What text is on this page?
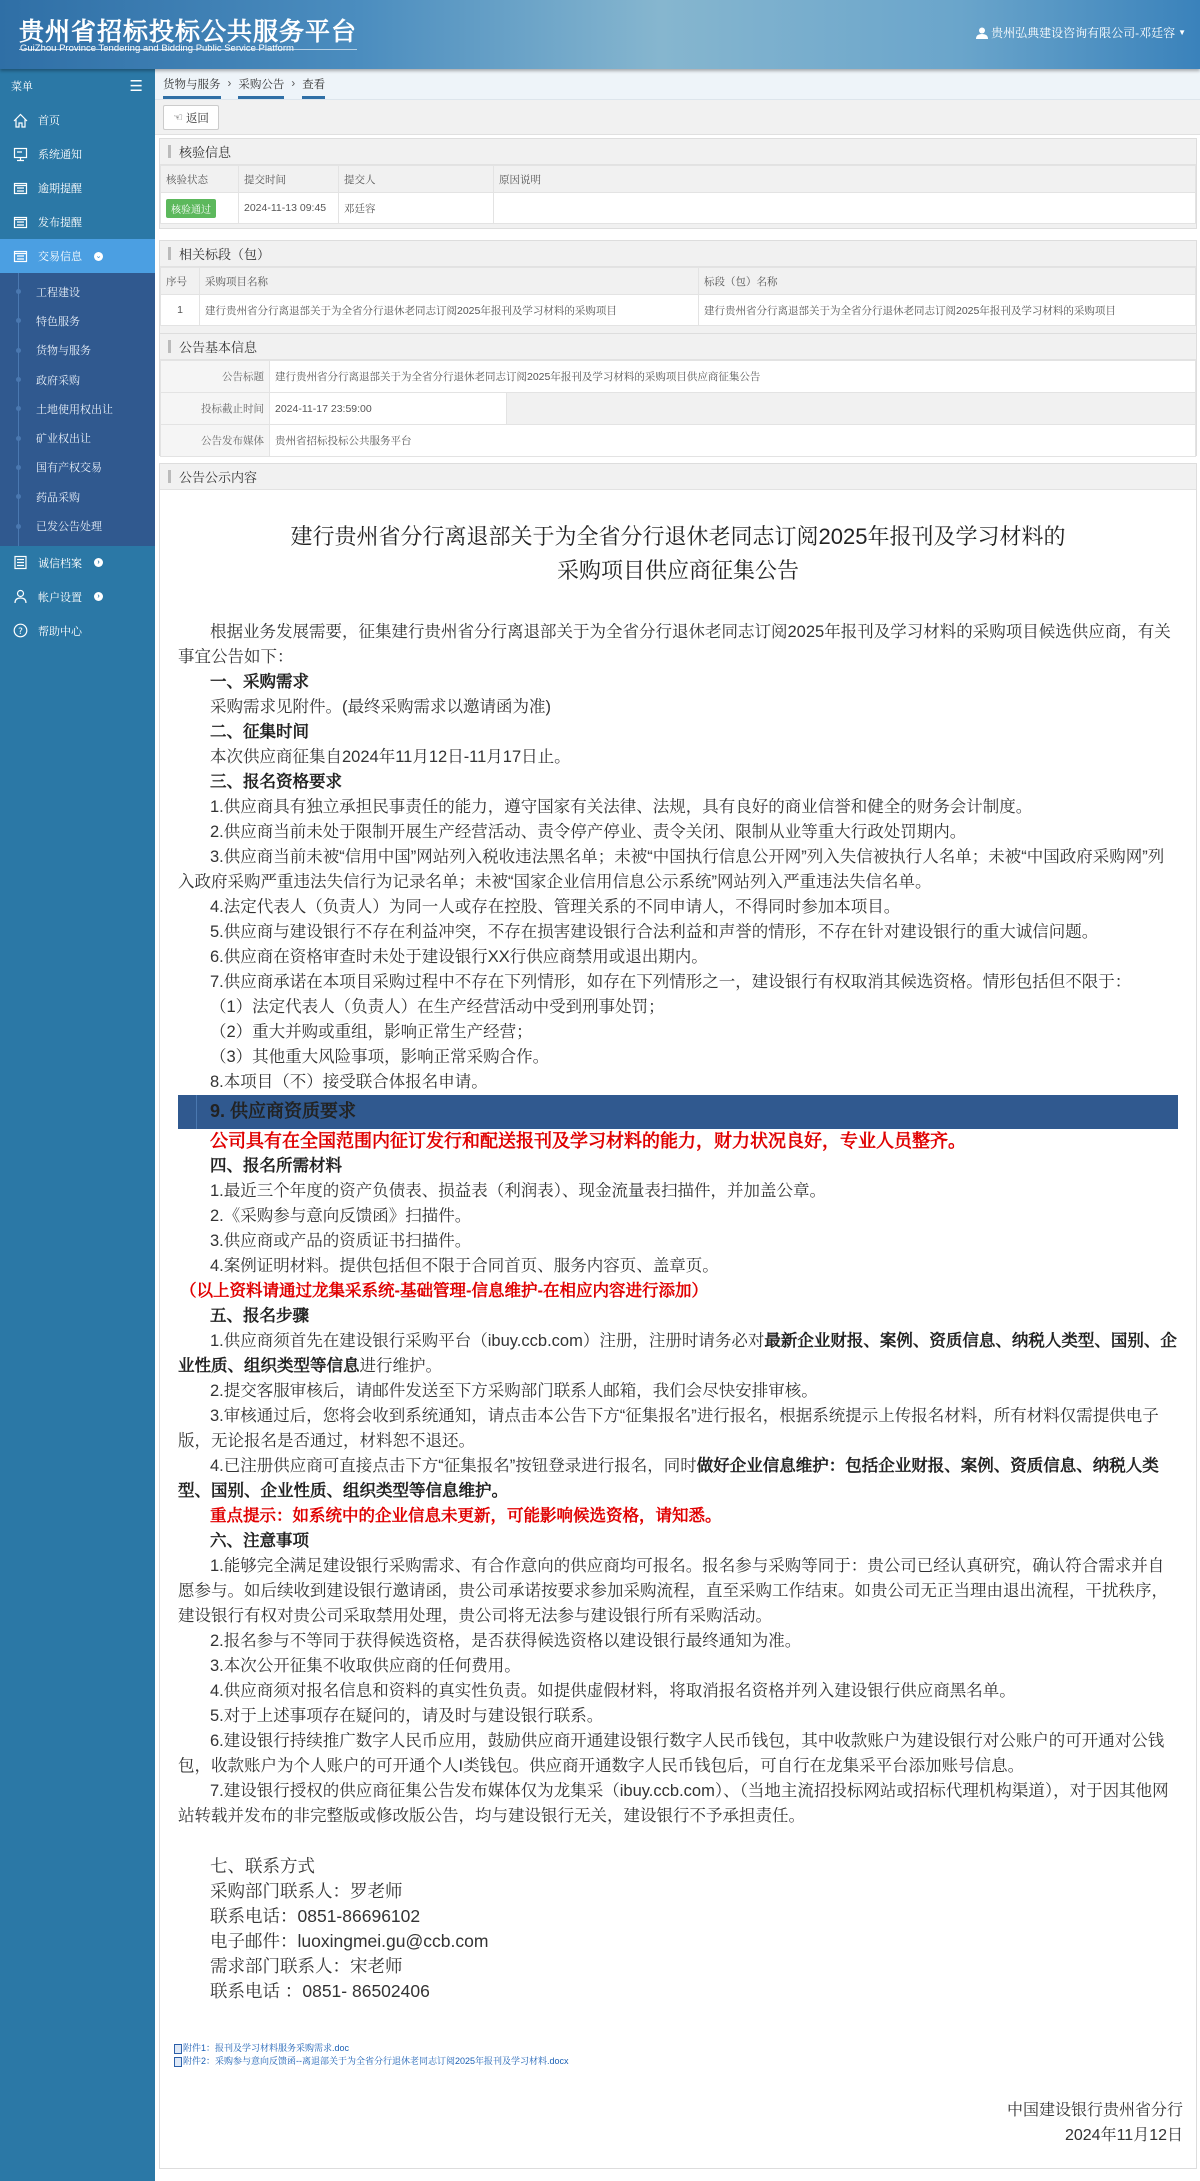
贵州省招标投标公共服务平台
GuiZhou Province Tendering and Bidding Public Service Platform
贵州弘典建设咨询有限公司-邓廷容 ▼
菜单	☰
首页
系统通知
逾期提醒
发布提醒
交易信息 ⌄
工程建设
特色服务
货物与服务
政府采购
土地使用权出让
矿业权出让
国有产权交易
药品采购
已发公告处理
诚信档案	›
帐户设置	›
? 帮助中心
货物与服务 › 采购公告 › 查看
☜ 返回
核验信息
核验状态	提交时间	提交人	原因说明
核验通过	2024-11-13 09:45	邓廷容	
相关标段（包）
序号	采购项目名称	标段（包）名称
1	建行贵州省分行离退部关于为全省分行退休老同志订阅2025年报刊及学习材料的采购项目	建行贵州省分行离退部关于为全省分行退休老同志订阅2025年报刊及学习材料的采购项目
公告基本信息
公告标题	建行贵州省分行离退部关于为全省分行退休老同志订阅2025年报刊及学习材料的采购项目供应商征集公告	
投标截止时间	2024-11-17 23:59:00	
公告发布媒体	贵州省招标投标公共服务平台	
公告公示内容
建行贵州省分行离退部关于为全省分行退休老同志订阅2025年报刊及学习材料的
采购项目供应商征集公告

根据业务发展需要，征集建行贵州省分行离退部关于为全省分行退休老同志订阅2025年报刊及学习材料的采购项目候选供应商，有关事宜公告如下：

一、采购需求

采购需求见附件。(最终采购需求以邀请函为准)

二、征集时间

本次供应商征集自2024年11月12日-11月17日止。

三、报名资格要求

1.供应商具有独立承担民事责任的能力，遵守国家有关法律、法规，具有良好的商业信誉和健全的财务会计制度。

2.供应商当前未处于限制开展生产经营活动、责令停产停业、责令关闭、限制从业等重大行政处罚期内。

3.供应商当前未被“信用中国”网站列入税收违法黑名单；未被“中国执行信息公开网”列入失信被执行人名单；未被“中国政府采购网”列入政府采购严重违法失信行为记录名单；未被“国家企业信用信息公示系统”网站列入严重违法失信名单。

4.法定代表人（负责人）为同一人或存在控股、管理关系的不同申请人，不得同时参加本项目。

5.供应商与建设银行不存在利益冲突，不存在损害建设银行合法利益和声誉的情形，不存在针对建设银行的重大诚信问题。

6.供应商在资格审查时未处于建设银行XX行供应商禁用或退出期内。

7.供应商承诺在本项目采购过程中不存在下列情形，如存在下列情形之一，建设银行有权取消其候选资格。情形包括但不限于：

（1）法定代表人（负责人）在生产经营活动中受到刑事处罚；

（2）重大并购或重组，影响正常生产经营；

（3）其他重大风险事项，影响正常采购合作。

8.本项目（不）接受联合体报名申请。

9. 供应商资质要求

公司具有在全国范围内征订发行和配送报刊及学习材料的能力，财力状况良好，专业人员整齐。

四、报名所需材料

1.最近三个年度的资产负债表、损益表（利润表）、现金流量表扫描件，并加盖公章。

2.《采购参与意向反馈函》扫描件。

3.供应商或产品的资质证书扫描件。

4.案例证明材料。提供包括但不限于合同首页、服务内容页、盖章页。

（以上资料请通过龙集采系统-基础管理-信息维护-在相应内容进行添加）

五、报名步骤

1.供应商须首先在建设银行采购平台（ibuy.ccb.com）注册，注册时请务必对最新企业财报、案例、资质信息、纳税人类型、国别、企业性质、组织类型等信息进行维护。

2.提交客服审核后，请邮件发送至下方采购部门联系人邮箱，我们会尽快安排审核。

3.审核通过后，您将会收到系统通知，请点击本公告下方“征集报名”进行报名，根据系统提示上传报名材料，所有材料仅需提供电子版，无论报名是否通过，材料恕不退还。

4.已注册供应商可直接点击下方“征集报名”按钮登录进行报名，同时做好企业信息维护：包括企业财报、案例、资质信息、纳税人类型、国别、企业性质、组织类型等信息维护。

重点提示：如系统中的企业信息未更新，可能影响候选资格，请知悉。

六、注意事项

1.能够完全满足建设银行采购需求、有合作意向的供应商均可报名。报名参与采购等同于：贵公司已经认真研究，确认符合需求并自愿参与。如后续收到建设银行邀请函，贵公司承诺按要求参加采购流程，直至采购工作结束。如贵公司无正当理由退出流程，干扰秩序，建设银行有权对贵公司采取禁用处理，贵公司将无法参与建设银行所有采购活动。

2.报名参与不等同于获得候选资格，是否获得候选资格以建设银行最终通知为准。

3.本次公开征集不收取供应商的任何费用。

4.供应商须对报名信息和资料的真实性负责。如提供虚假材料，将取消报名资格并列入建设银行供应商黑名单。

5.对于上述事项存在疑问的，请及时与建设银行联系。

6.建设银行持续推广数字人民币应用，鼓励供应商开通建设银行数字人民币钱包，其中收款账户为建设银行对公账户的可开通对公钱包，收款账户为个人账户的可开通个人I类钱包。供应商开通数字人民币钱包后，可自行在龙集采平台添加账号信息。

7.建设银行授权的供应商征集公告发布媒体仅为龙集采（ibuy.ccb.com）、（当地主流招投标网站或招标代理机构渠道），对于因其他网站转载并发布的非完整版或修改版公告，均与建设银行无关，建设银行不予承担责任。

七、联系方式

采购部门联系人：罗老师

联系电话：0851-86696102

电子邮件：luoxingmei.gu@ccb.com

需求部门联系人：宋老师

联系电话 ：0851- 86502406

附件1：报刊及学习材料服务采购需求.doc
附件2：采购参与意向反馈函--离退部关于为全省分行退休老同志订阅2025年报刊及学习材料.docx
中国建设银行贵州省分行
2024年11月12日
